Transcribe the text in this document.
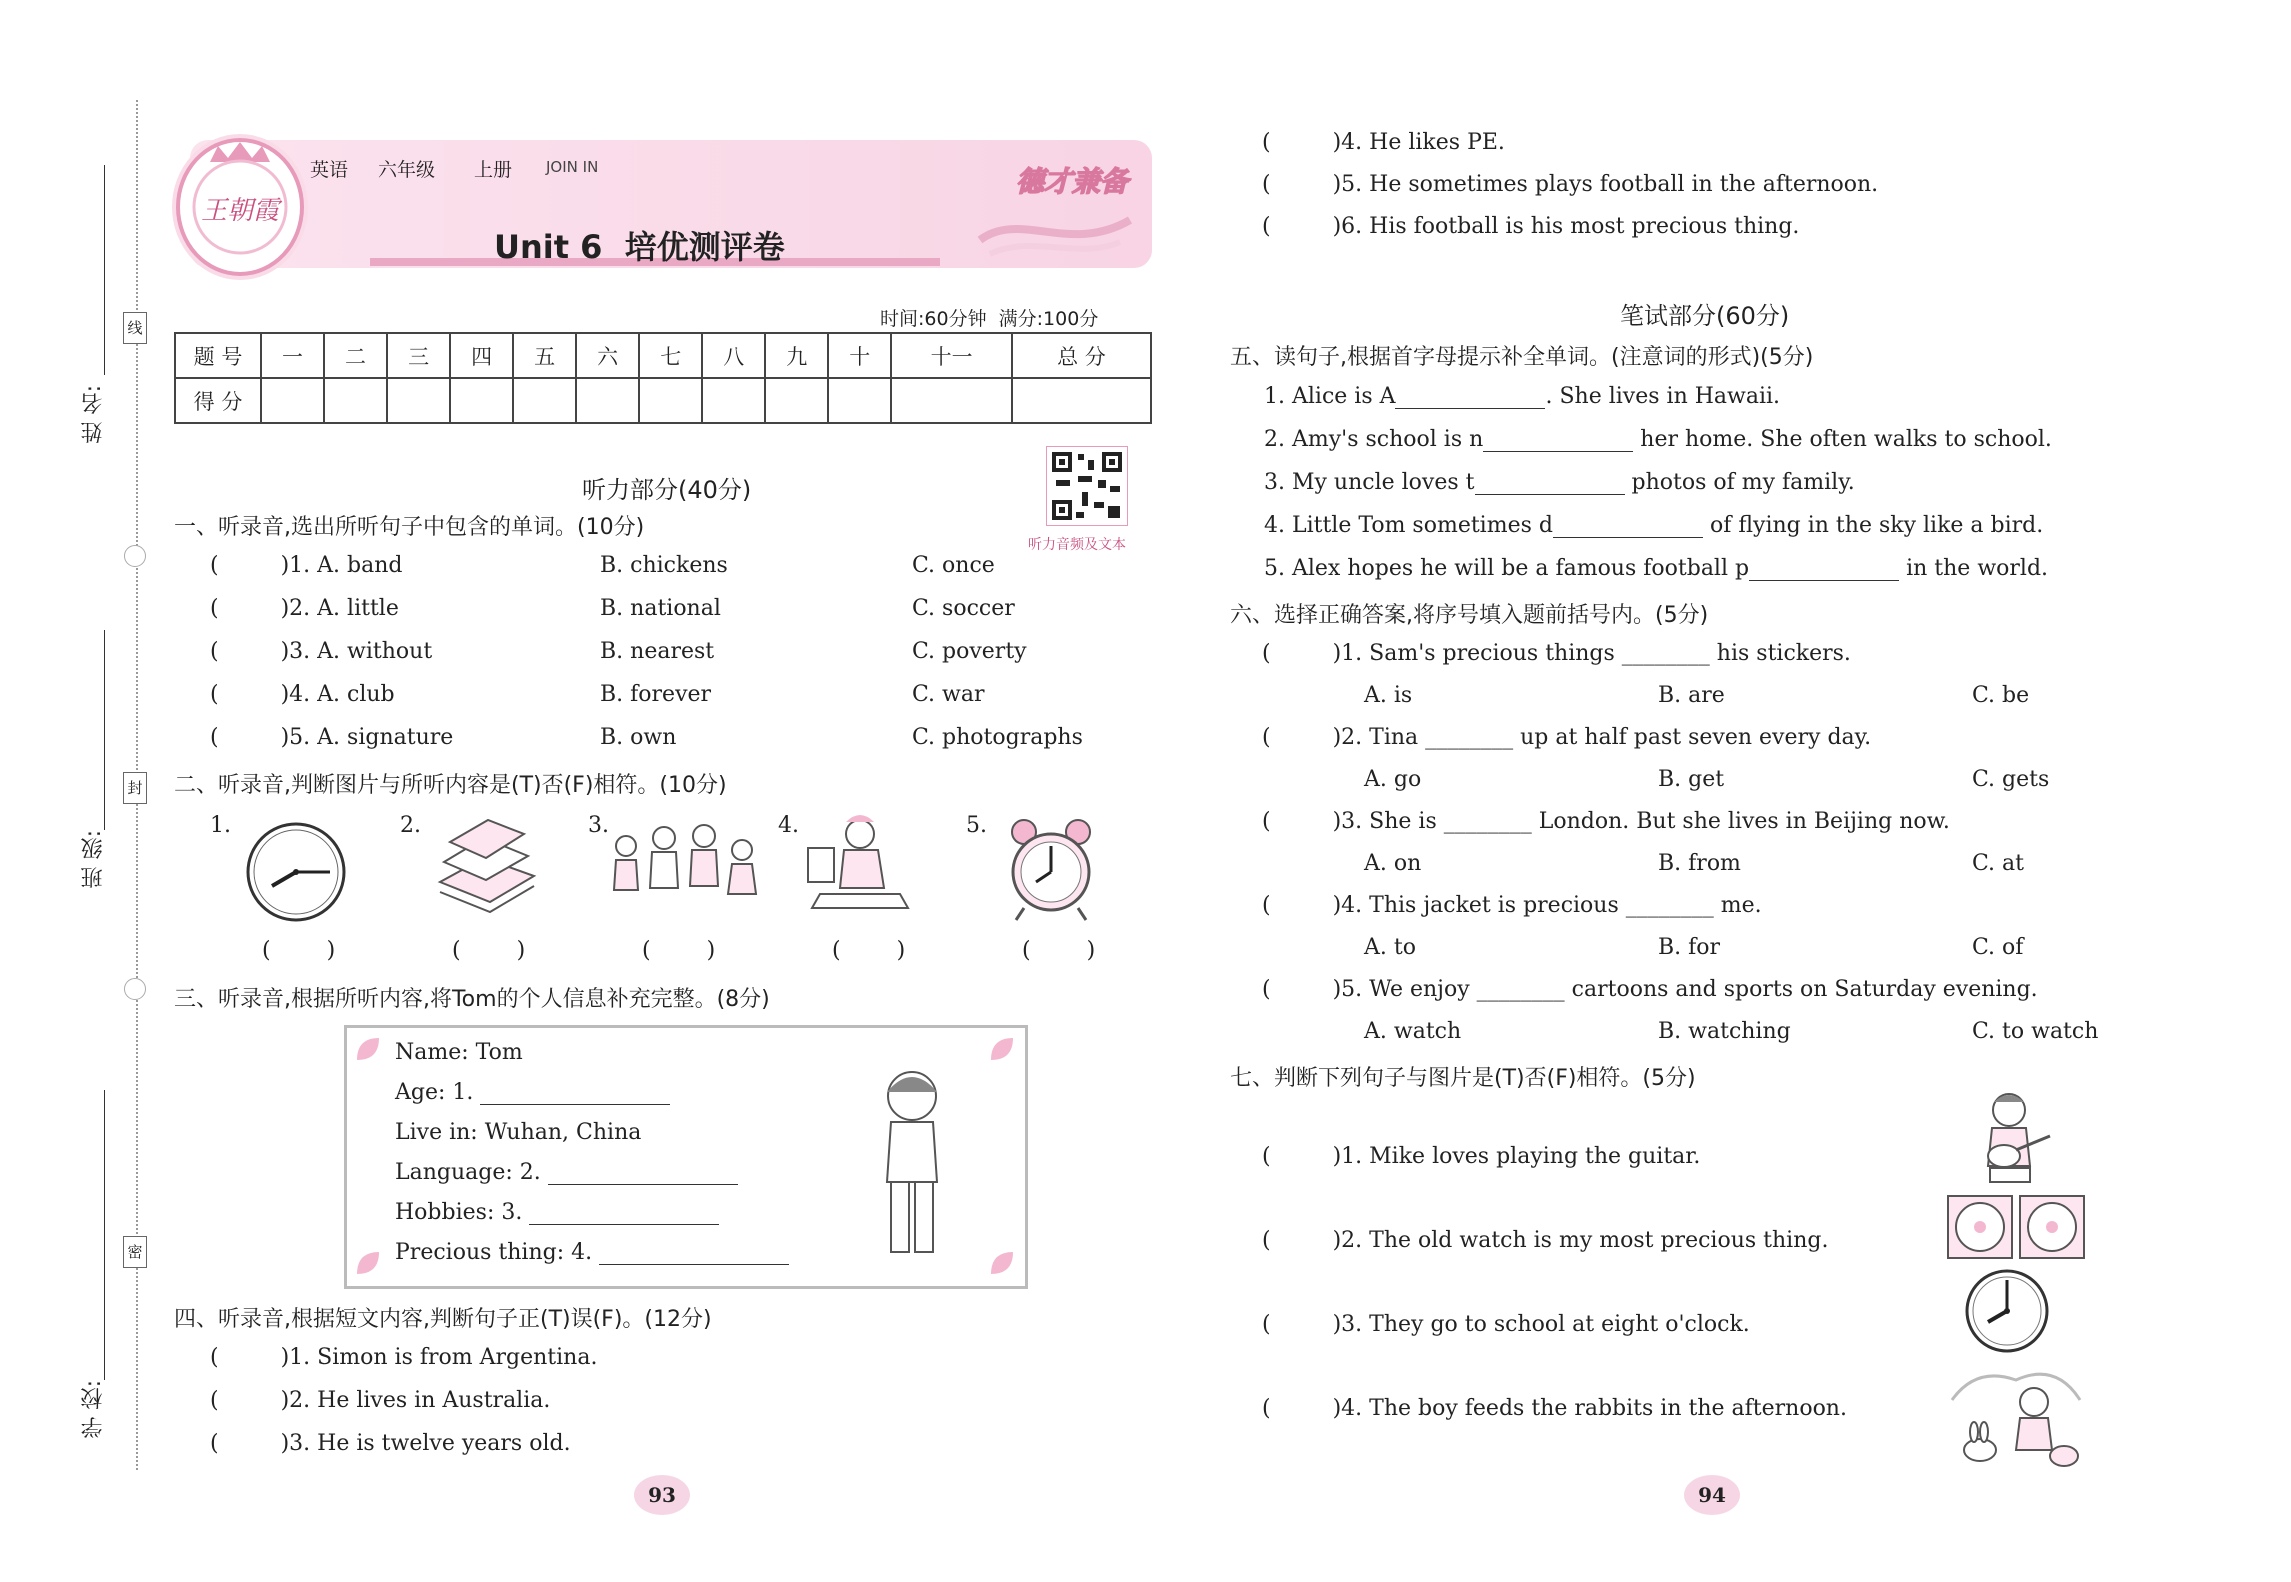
姓 名:
班 级:
学 校:
线
封
密
王朝霞
英语 六年级 上册 JOIN IN
Unit 6  培优测评卷
德才兼备
时间:60分钟  满分:100分
题 号	一	二	三	四	五	六	七	八	九	十	十一	总 分
得 分												
听力部分(40分)
听力音频及文本
一、听录音,选出所听句子中包含的单词。(10分)
(	)1. A. band	B. chickens	C. once
(	)2. A. little	B. national	C. soccer
(	)3. A. without	B. nearest	C. poverty
(	)4. A. club	B. forever	C. war
(	)5. A. signature	B. own	C. photographs
二、听录音,判断图片与所听内容是(T)否(F)相符。(10分)
1.	2.	3.	4.	5.
(	)	(	)	(	)	(	)	(	)
三、听录音,根据所听内容,将Tom的个人信息补充完整。(8分)
Name: Tom
Age: 1.
Live in: Wuhan, China
Language: 2.
Hobbies: 3.
Precious thing: 4.
四、听录音,根据短文内容,判断句子正(T)误(F)。(12分)
(	)1. Simon is from Argentina.
(	)2. He lives in Australia.
(	)3. He is twelve years old.
93
(	)4. He likes PE.
(	)5. He sometimes plays football in the afternoon.
(	)6. His football is his most precious thing.
笔试部分(60分)
五、读句子,根据首字母提示补全单词。(注意词的形式)(5分)
1. Alice is A	. She lives in Hawaii.
2. Amy's school is n	her home. She often walks to school.
3. My uncle loves t	photos of my family.
4. Little Tom sometimes d	of flying in the sky like a bird.
5. Alex hopes he will be a famous football p	in the world.
六、选择正确答案,将序号填入题前括号内。(5分)
(	)1. Sam's precious things ________ his stickers.
A. is	B. are	C. be
(	)2. Tina ________ up at half past seven every day.
A. go	B. get	C. gets
(	)3. She is ________ London. But she lives in Beijing now.
A. on	B. from	C. at
(	)4. This jacket is precious ________ me.
A. to	B. for	C. of
(	)5. We enjoy ________ cartoons and sports on Saturday evening.
A. watch	B. watching	C. to watch
七、判断下列句子与图片是(T)否(F)相符。(5分)
(	)1. Mike loves playing the guitar.
(	)2. The old watch is my most precious thing.
(	)3. They go to school at eight o'clock.
(	)4. The boy feeds the rabbits in the afternoon.
94
